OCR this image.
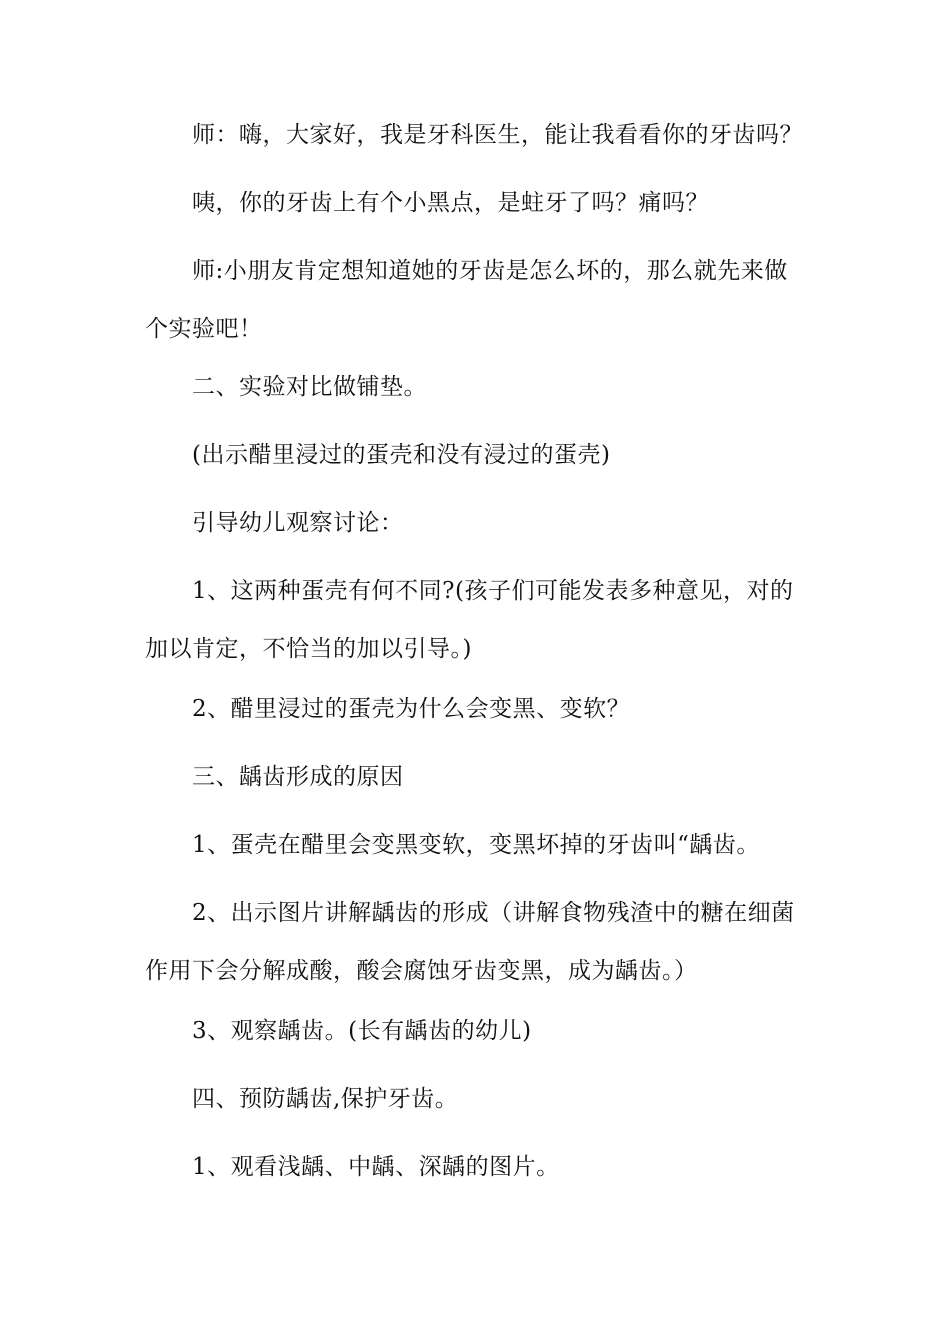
师：嗨，大家好，我是牙科医生，能让我看看你的牙齿吗？

咦，你的牙齿上有个小黑点，是蛀牙了吗？痛吗？

师:小朋友肯定想知道她的牙齿是怎么坏的，那么就先来做个实验吧！

二、实验对比做铺垫。

(出示醋里浸过的蛋壳和没有浸过的蛋壳)

引导幼儿观察讨论：

1、这两种蛋壳有何不同?(孩子们可能发表多种意见，对的加以肯定，不恰当的加以引导。)

2、醋里浸过的蛋壳为什么会变黑、变软？

三、龋齿形成的原因

1、蛋壳在醋里会变黑变软，变黑坏掉的牙齿叫“龋齿。

2、出示图片讲解龋齿的形成（讲解食物残渣中的糖在细菌作用下会分解成酸，酸会腐蚀牙齿变黑，成为龋齿。）

3、观察龋齿。(长有龋齿的幼儿)

四、预防龋齿,保护牙齿。

1、观看浅龋、中龋、深龋的图片。
